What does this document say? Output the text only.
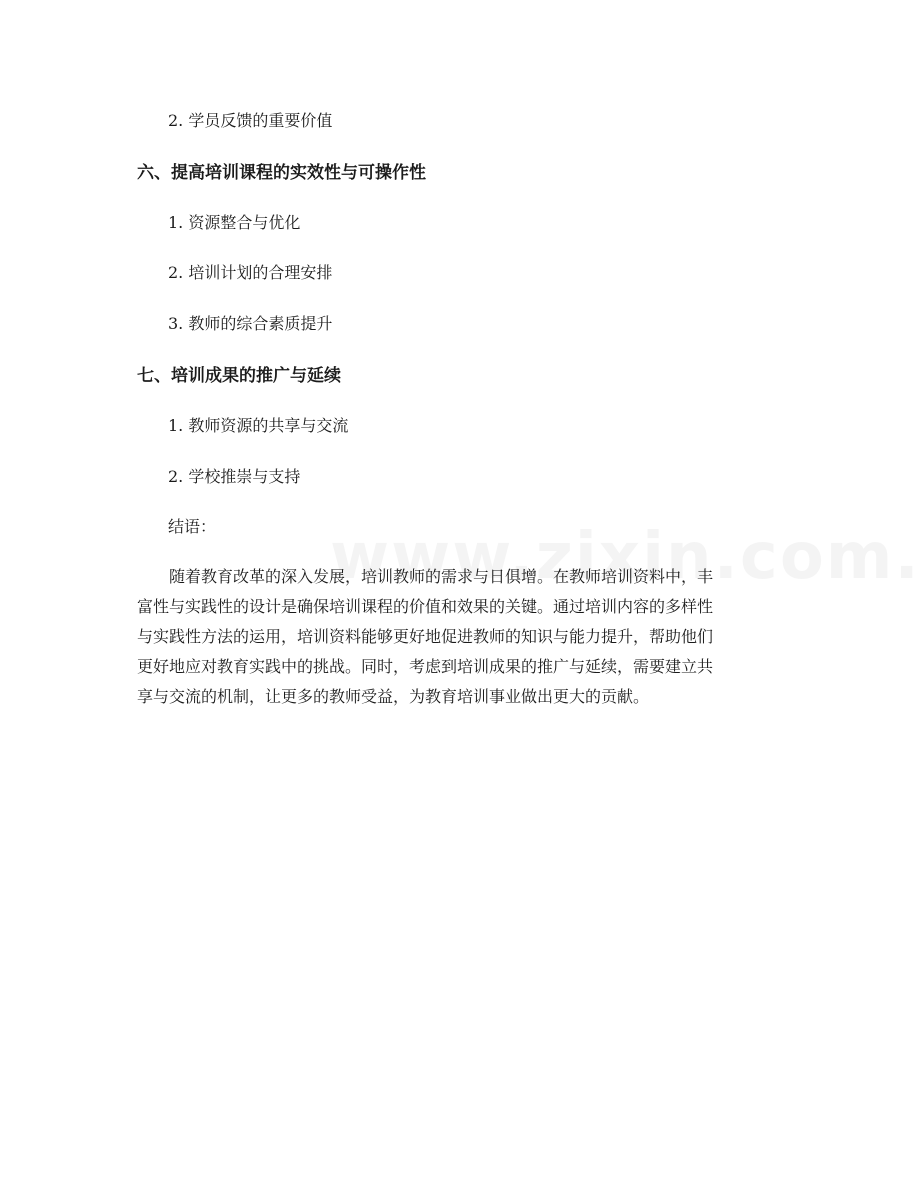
2. 学员反馈的重要价值
六、提高培训课程的实效性与可操作性
1. 资源整合与优化
2. 培训计划的合理安排
3. 教师的综合素质提升
七、培训成果的推广与延续
1. 教师资源的共享与交流
2. 学校推崇与支持
结语：
随着教育改革的深入发展，培训教师的需求与日俱增。在教师培训资料中，丰
富性与实践性的设计是确保培训课程的价值和效果的关键。通过培训内容的多样性
与实践性方法的运用，培训资料能够更好地促进教师的知识与能力提升，帮助他们
更好地应对教育实践中的挑战。同时，考虑到培训成果的推广与延续，需要建立共
享与交流的机制，让更多的教师受益，为教育培训事业做出更大的贡献。
